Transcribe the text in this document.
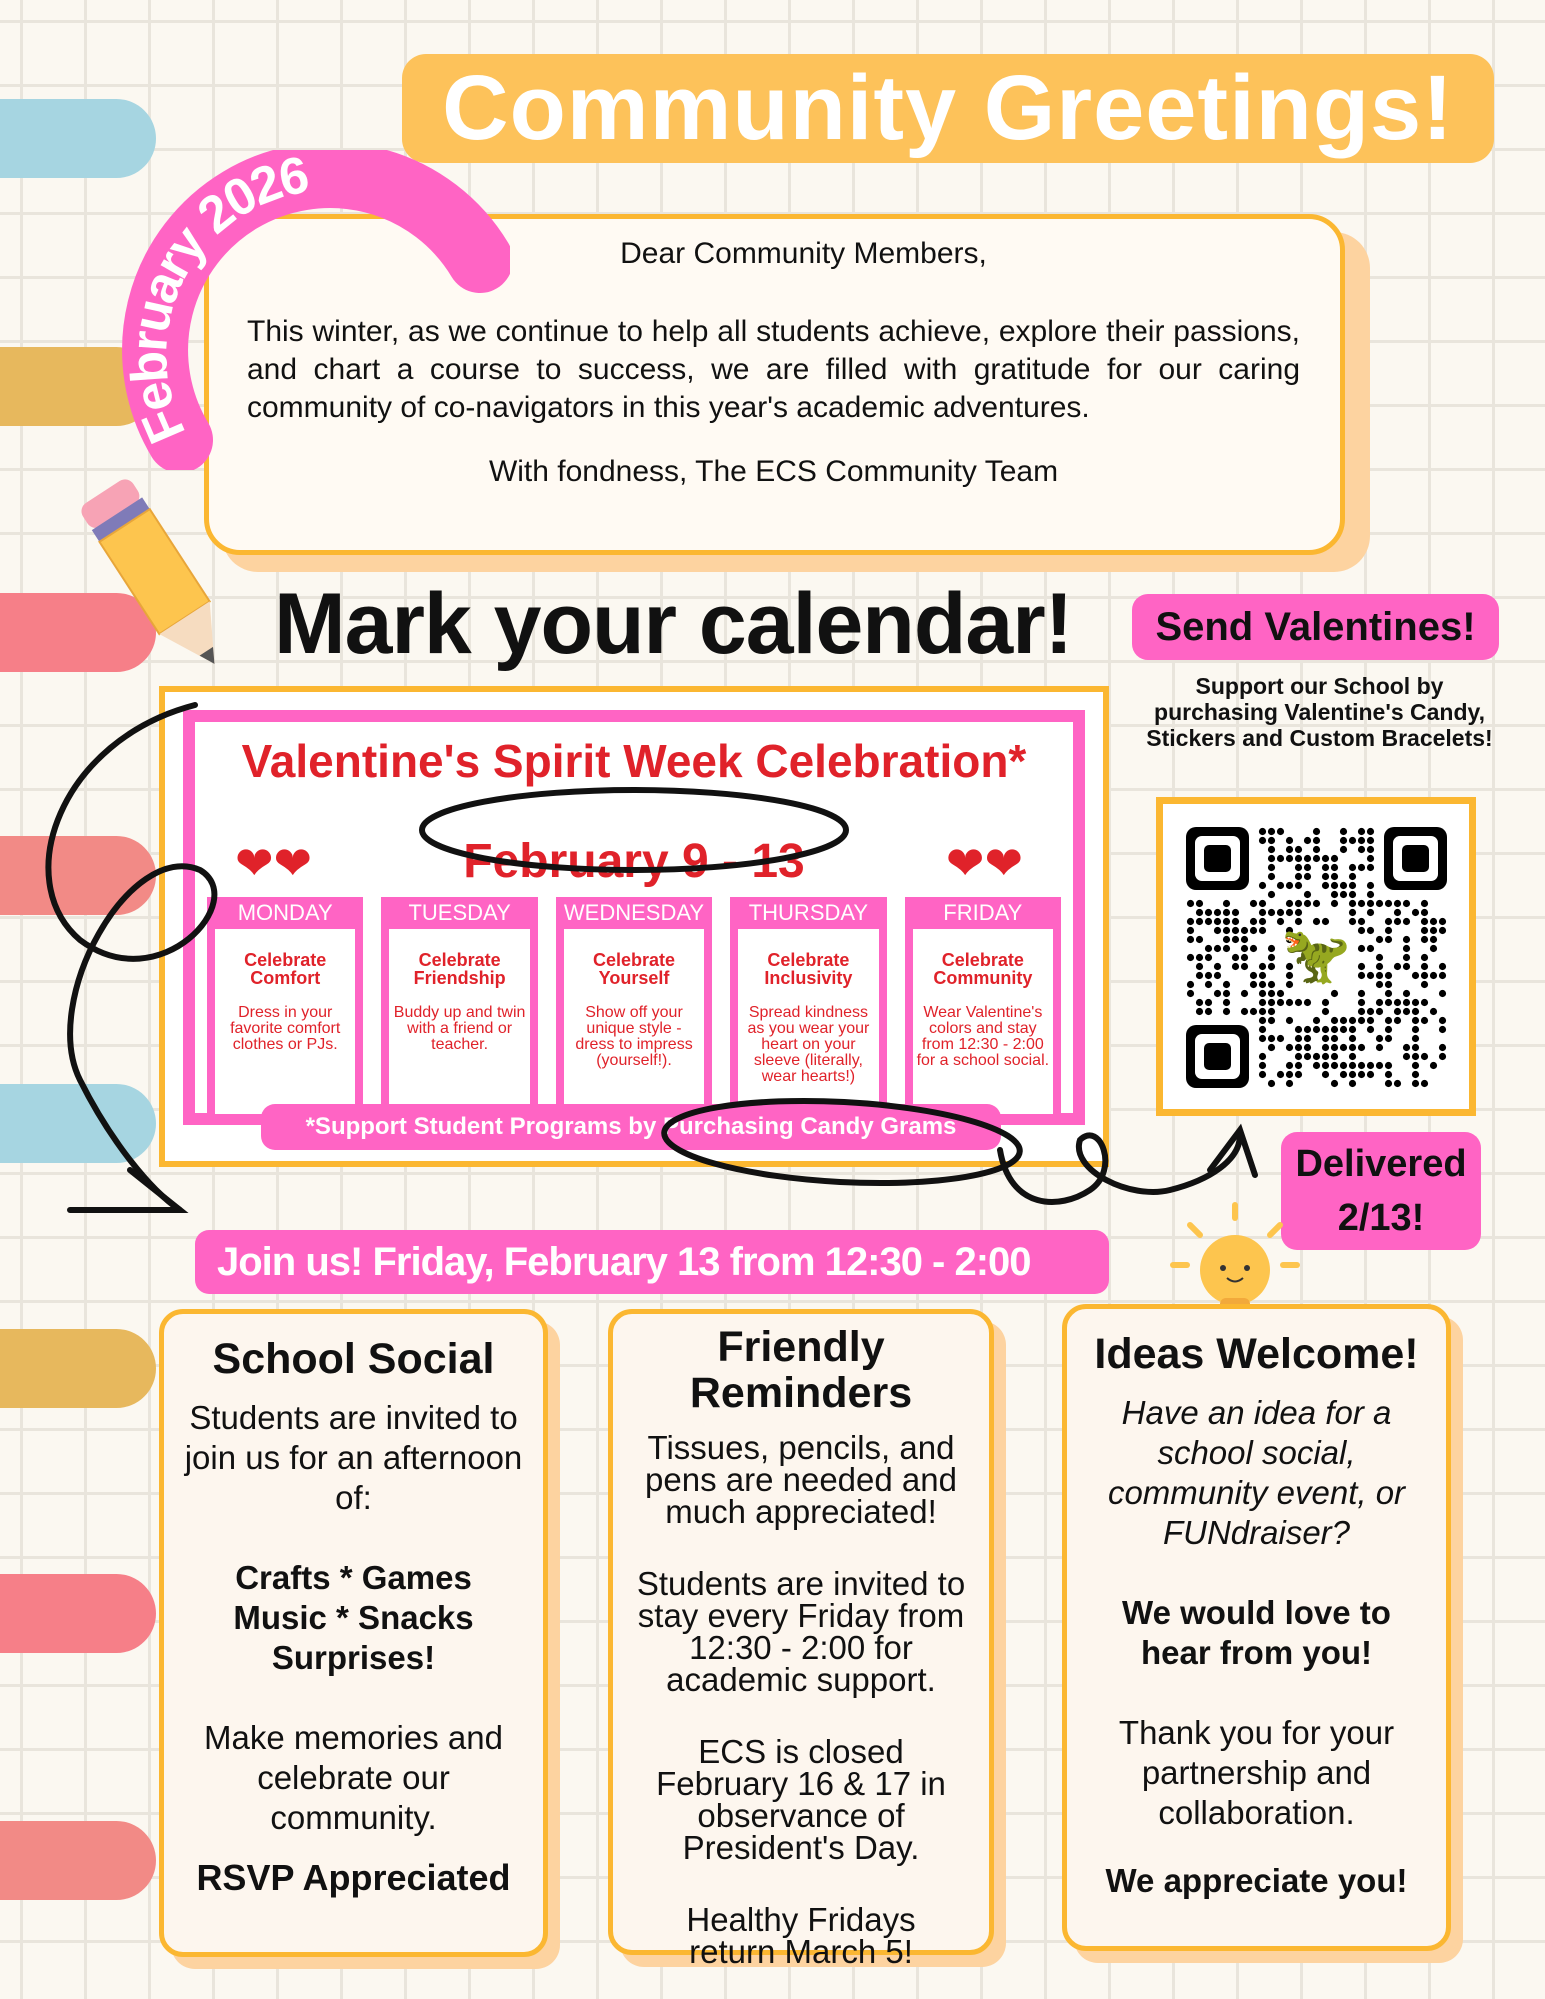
Community Greetings!
Dear Community Members,
This winter, as we continue to help all students achieve, explore their passions, and chart a course to success, we are filled with gratitude for our caring community of co-navigators in this year's academic adventures.
With fondness, The ECS Community Team
February 2026
Mark your calendar!
Valentine's Spirit Week Celebration*
❤❤	❤❤
February 9 - 13
MONDAY
Celebrate Comfort
Dress in your favorite comfort clothes or PJs.
TUESDAY
Celebrate Friendship
Buddy up and twin with a friend or teacher.
WEDNESDAY
Celebrate Yourself
Show off your unique style - dress to impress (yourself!).
THURSDAY
Celebrate Inclusivity
Spread kindness as you wear your heart on your sleeve (literally, wear hearts!)
FRIDAY
Celebrate Community
Wear Valentine's colors and stay from 12:30 - 2:00 for a school social.
*Support Student Programs by Purchasing Candy Grams
Send Valentines!
Support our School by purchasing Valentine's Candy, Stickers and Custom Bracelets!
🦖
Delivered
2/13!
Join us! Friday, February 13 from 12:30 - 2:00
School Social

Students are invited to join us for an afternoon of:

Crafts * Games
Music * Snacks

Surprises!

Make memories and celebrate our community.

RSVP Appreciated
Friendly Reminders

Tissues, pencils, and pens are needed and much appreciated!

Students are invited to stay every Friday from 12:30 - 2:00 for academic support.

ECS is closed February 16 & 17 in observance of President's Day.

Healthy Fridays return March 5!

Ideas Welcome!

Have an idea for a school social, community event, or FUNdraiser?

We would love to hear from you!

Thank you for your partnership and collaboration.

We appreciate you!
